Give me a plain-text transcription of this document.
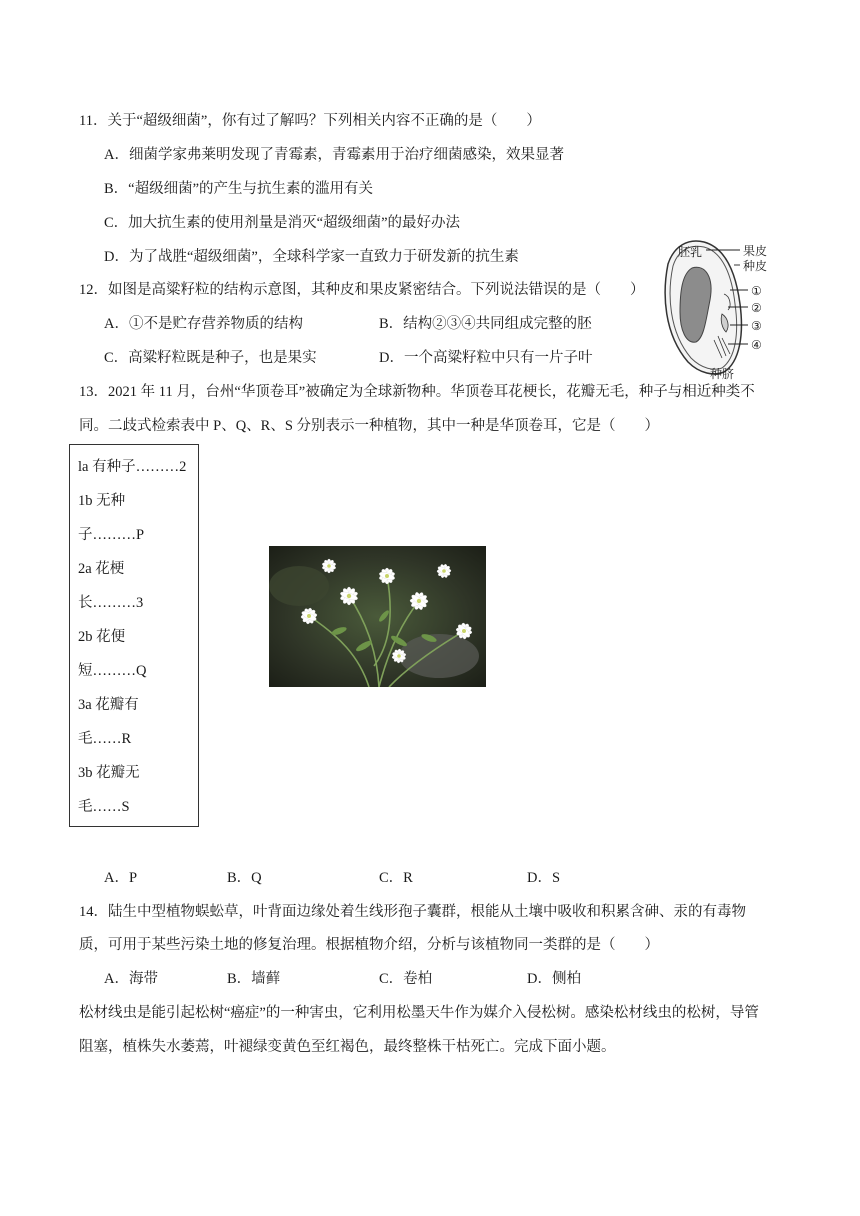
11．关于“超级细菌”，你有过了解吗？下列相关内容不正确的是（　　）
A．细菌学家弗莱明发现了青霉素，青霉素用于治疗细菌感染，效果显著
B．“超级细菌”的产生与抗生素的滥用有关
C．加大抗生素的使用剂量是消灭“超级细菌”的最好办法
D．为了战胜“超级细菌”，全球科学家一直致力于研发新的抗生素
12．如图是高粱籽粒的结构示意图，其种皮和果皮紧密结合。下列说法错误的是（　　）
A．①不是贮存营养物质的结构	B．结构②③④共同组成完整的胚
C．高粱籽粒既是种子，也是果实	D．一个高粱籽粒中只有一片子叶
胚乳	果皮
种皮
①
②
③
④
种脐
13．2021 年 11 月，台州“华顶卷耳”被确定为全球新物种。华顶卷耳花梗长，花瓣无毛，种子与相近种类不
同。二歧式检索表中 P、Q、R、S 分别表示一种植物，其中一种是华顶卷耳，它是（　　）
la 有种子………2
1b 无种
子………P
2a 花梗
长………3
2b 花便
短………Q
3a 花瓣有
毛……R
3b 花瓣无
毛……S
A．P	B．Q	C．R	D．S
14．陆生中型植物蜈蚣草，叶背面边缘处着生线形孢子囊群，根能从土壤中吸收和积累含砷、汞的有毒物
质，可用于某些污染土地的修复治理。根据植物介绍，分析与该植物同一类群的是（　　）
A．海带	B．墙藓	C．卷柏	D．侧柏
松材线虫是能引起松树“癌症”的一种害虫，它利用松墨天牛作为媒介入侵松树。感染松材线虫的松树，导管
阻塞，植株失水萎蔫，叶褪绿变黄色至红褐色，最终整株干枯死亡。完成下面小题。
